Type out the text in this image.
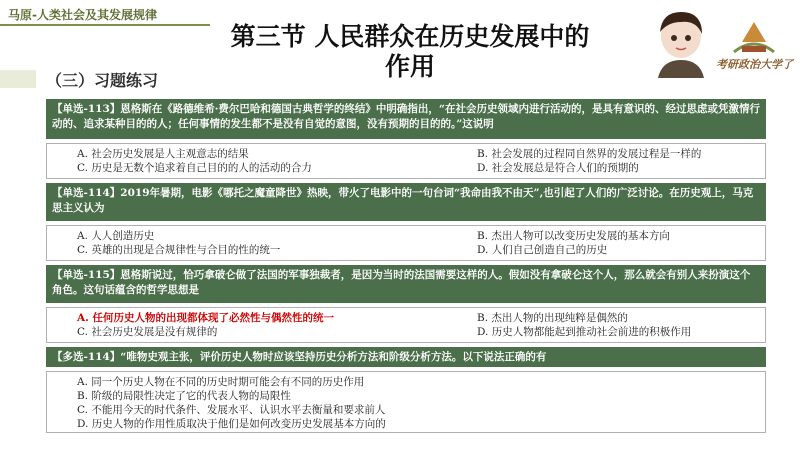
马原-人类社会及其发展规律
第三节 人民群众在历史发展中的作用
（三）习题练习
考研政治大学了
【单选-113】恩格斯在《路德维希·费尔巴哈和德国古典哲学的终结》中明确指出，“在社会历史领域内进行活动的，是具有意识的、经过思虑或凭激情行动的、追求某种目的的人；任何事情的发生都不是没有自觉的意图，没有预期的目的的。”这说明
A. 社会历史发展是人主观意志的结果	B. 社会发展的过程同自然界的发展过程是一样的
C. 历史是无数个追求着自己目的的人的活动的合力	D. 社会发展总是符合人们的预期的
【单选-114】2019年暑期，电影《哪托之魔童降世》热映，带火了电影中的一句台词“我命由我不由天”,也引起了人们的广泛讨论。在历史观上，马克思主义认为
A. 人人创造历史	B. 杰出人物可以改变历史发展的基本方向
C. 英雄的出现是合规律性与合目的性的统一	D. 人们自己创造自己的历史
【单选-115】恩格斯说过，恰巧拿破仑做了法国的军事独裁者，是因为当时的法国需要这样的人。假如没有拿破仑这个人，那么就会有别人来扮演这个角色。这句话蕴含的哲学思想是
A. 任何历史人物的出现都体现了必然性与偶然性的统一	B. 杰出人物的出现纯粹是偶然的
C. 社会历史发展是没有规律的	D. 历史人物都能起到推动社会前进的积极作用
【多选-114】“唯物史观主张，评价历史人物时应该坚持历史分析方法和阶级分析方法。以下说法正确的有
A. 同一个历史人物在不同的历史时期可能会有不同的历史作用
B. 阶级的局限性决定了它的代表人物的局限性
C. 不能用今天的时代条件、发展水平、认识水平去衡量和要求前人
D. 历史人物的作用性质取决于他们是如何改变历史发展基本方向的
